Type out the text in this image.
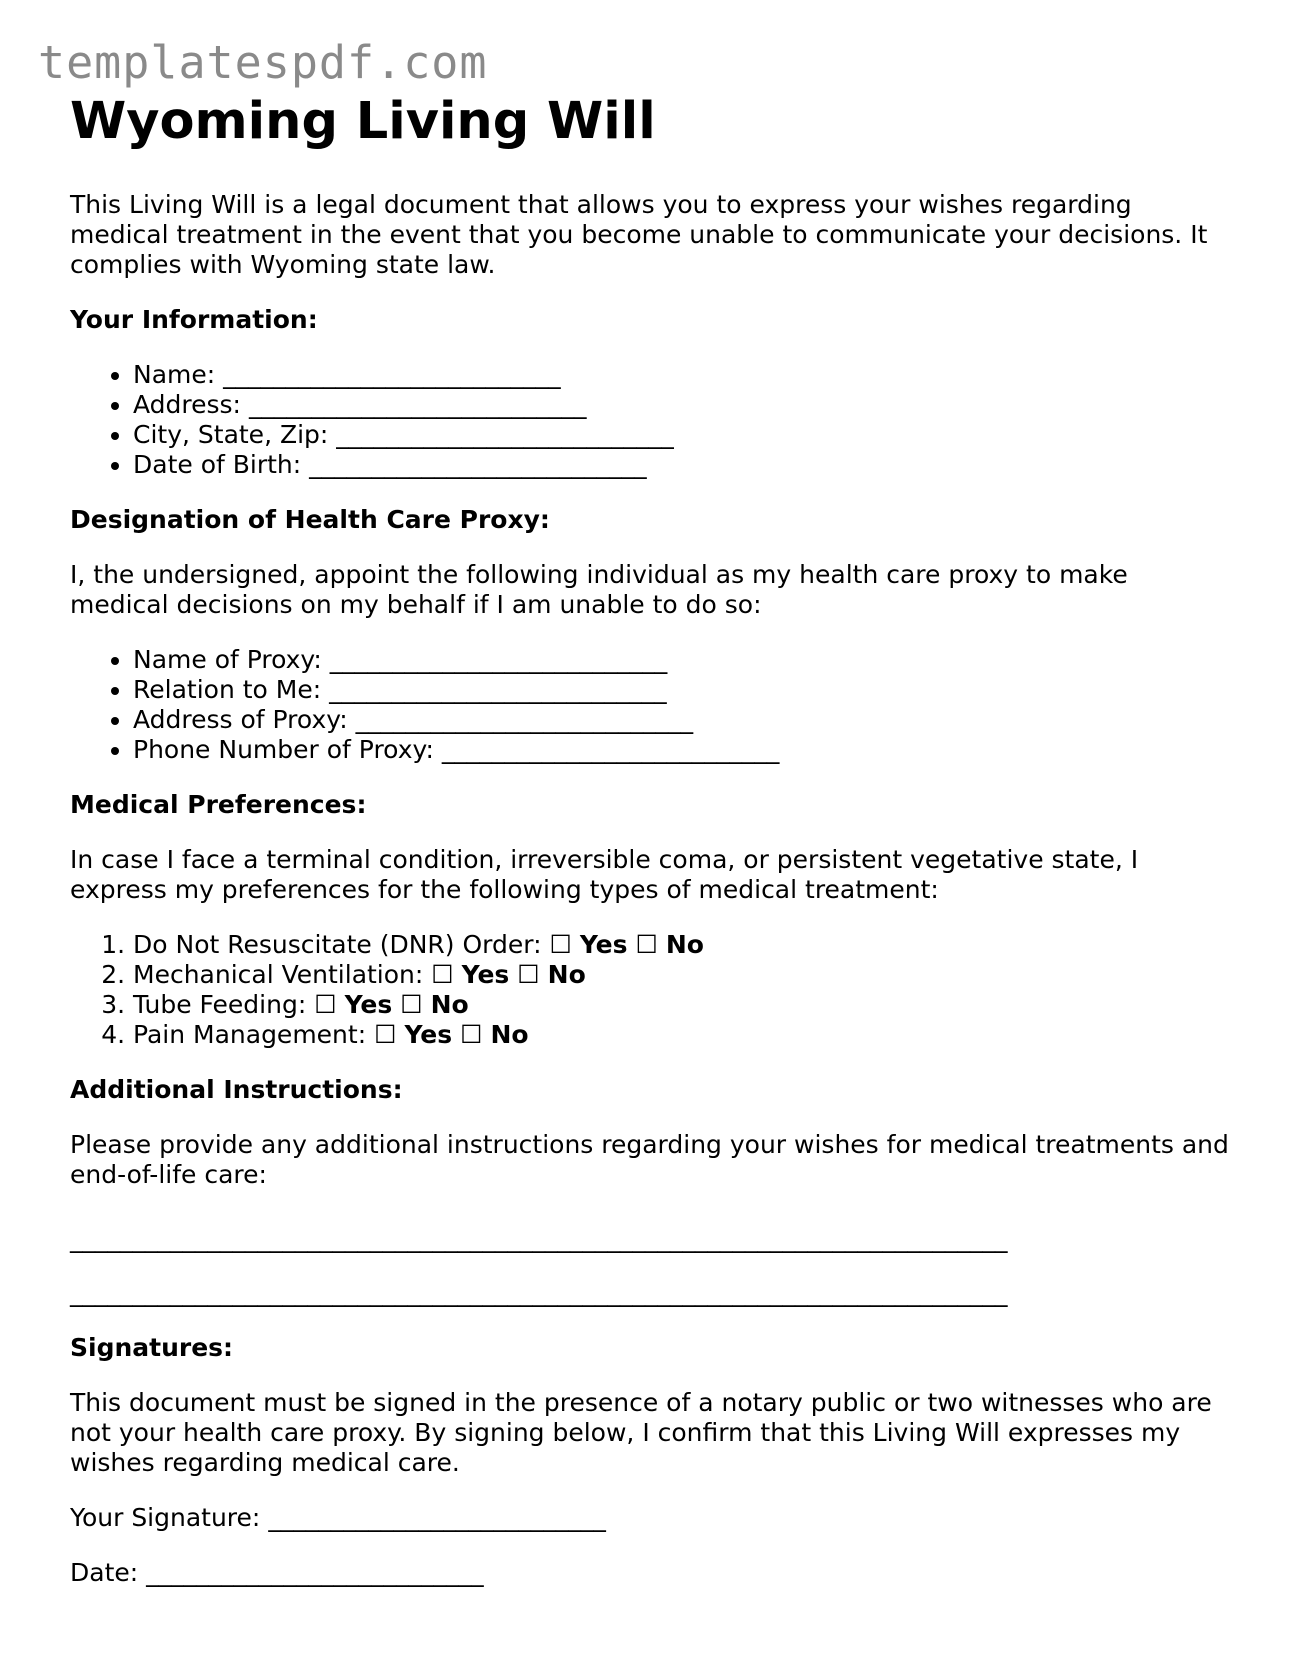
templatespdf.com
Wyoming Living Will

This Living Will is a legal document that allows you to express your wishes regarding medical treatment in the event that you become unable to communicate your decisions. It complies with Wyoming state law.

Your Information:
• Name: ___________________________
• Address: ___________________________
• City, State, Zip: ___________________________
• Date of Birth: ___________________________
Designation of Health Care Proxy:

I, the undersigned, appoint the following individual as my health care proxy to make medical decisions on my behalf if I am unable to do so:

• Name of Proxy: ___________________________
• Relation to Me: ___________________________
• Address of Proxy: ___________________________
• Phone Number of Proxy: ___________________________
Medical Preferences:

In case I face a terminal condition, irreversible coma, or persistent vegetative state, I express my preferences for the following types of medical treatment:

1. Do Not Resuscitate (DNR) Order: ☐ Yes ☐ No
2. Mechanical Ventilation: ☐ Yes ☐ No
3. Tube Feeding: ☐ Yes ☐ No
4. Pain Management: ☐ Yes ☐ No
Additional Instructions:

Please provide any additional instructions regarding your wishes for medical treatments and end-of-life care:

___________________________________________________________________________
___________________________________________________________________________
Signatures:

This document must be signed in the presence of a notary public or two witnesses who are not your health care proxy. By signing below, I confirm that this Living Will expresses my wishes regarding medical care.

Your Signature: ___________________________

Date: ___________________________
